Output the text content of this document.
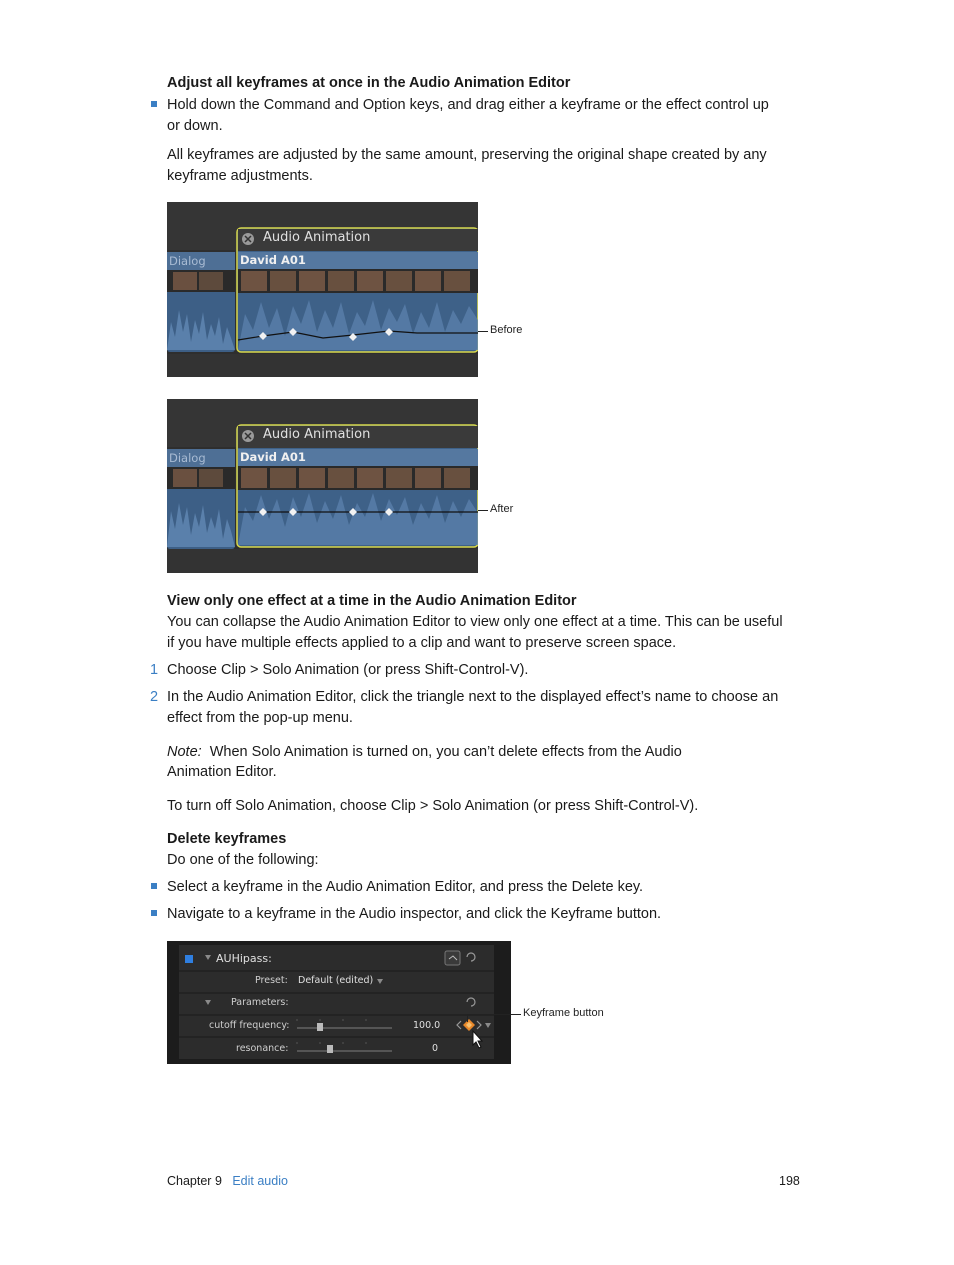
Adjust all keyframes at once in the Audio Animation Editor
Hold down the Command and Option keys, and drag either a keyframe or the effect control up
or down.
All keyframes are adjusted by the same amount, preserving the original shape created by any
keyframe adjustments.
Audio Animation
Dialog	David A01
Before
Audio Animation
Dialog	David A01
After
View only one effect at a time in the Audio Animation Editor
You can collapse the Audio Animation Editor to view only one effect at a time. This can be useful
if you have multiple effects applied to a clip and want to preserve screen space.
1 Choose Clip > Solo Animation (or press Shift-Control-V).
2 In the Audio Animation Editor, click the triangle next to the displayed effect’s name to choose an
effect from the pop-up menu.
Note: When Solo Animation is turned on, you can’t delete effects from the Audio
Animation Editor.
To turn off Solo Animation, choose Clip > Solo Animation (or press Shift-Control-V).
Delete keyframes
Do one of the following:
Select a keyframe in the Audio Animation Editor, and press the Delete key.
Navigate to a keyframe in the Audio inspector, and click the Keyframe button.
AUHipass:
Preset: Default (edited)
Parameters:
cutoff frequency:	100.0
resonance:	0
Keyframe button
Chapter 9 Edit audio	198
